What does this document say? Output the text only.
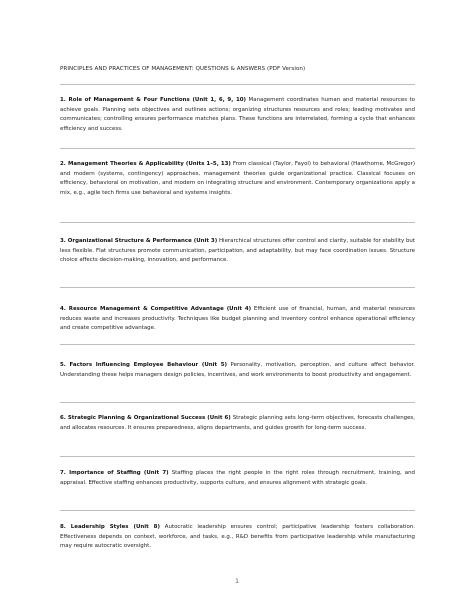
PRINCIPLES AND PRACTICES OF MANAGEMENT: QUESTIONS & ANSWERS (PDF Version)
1. Role of Management & Four Functions (Unit 1, 6, 9, 10) Management coordinates human and material resources to achieve goals. Planning sets objectives and outlines actions; organizing structures resources and roles; leading motivates and communicates; controlling ensures performance matches plans. These functions are interrelated, forming a cycle that enhances efficiency and success.
2. Management Theories & Applicability (Units 1–5, 13) From classical (Taylor, Fayol) to behavioral (Hawthorne, McGregor) and modern (systems, contingency) approaches, management theories guide organizational practice. Classical focuses on efficiency, behavioral on motivation, and modern on integrating structure and environment. Contemporary organizations apply a mix, e.g., agile tech firms use behavioral and systems insights.
3. Organizational Structure & Performance (Unit 3) Hierarchical structures offer control and clarity, suitable for stability but less flexible. Flat structures promote communication, participation, and adaptability, but may face coordination issues. Structure choice affects decision-making, innovation, and performance.
4. Resource Management & Competitive Advantage (Unit 4) Efficient use of financial, human, and material resources reduces waste and increases productivity. Techniques like budget planning and inventory control enhance operational efficiency and create competitive advantage.
5. Factors Influencing Employee Behaviour (Unit 5) Personality, motivation, perception, and culture affect behavior. Understanding these helps managers design policies, incentives, and work environments to boost productivity and engagement.
6. Strategic Planning & Organizational Success (Unit 6) Strategic planning sets long-term objectives, forecasts challenges, and allocates resources. It ensures preparedness, aligns departments, and guides growth for long-term success.
7. Importance of Staffing (Unit 7) Staffing places the right people in the right roles through recruitment, training, and appraisal. Effective staffing enhances productivity, supports culture, and ensures alignment with strategic goals.
8. Leadership Styles (Unit 8) Autocratic leadership ensures control; participative leadership fosters collaboration. Effectiveness depends on context, workforce, and tasks, e.g., R&D benefits from participative leadership while manufacturing may require autocratic oversight.
1
